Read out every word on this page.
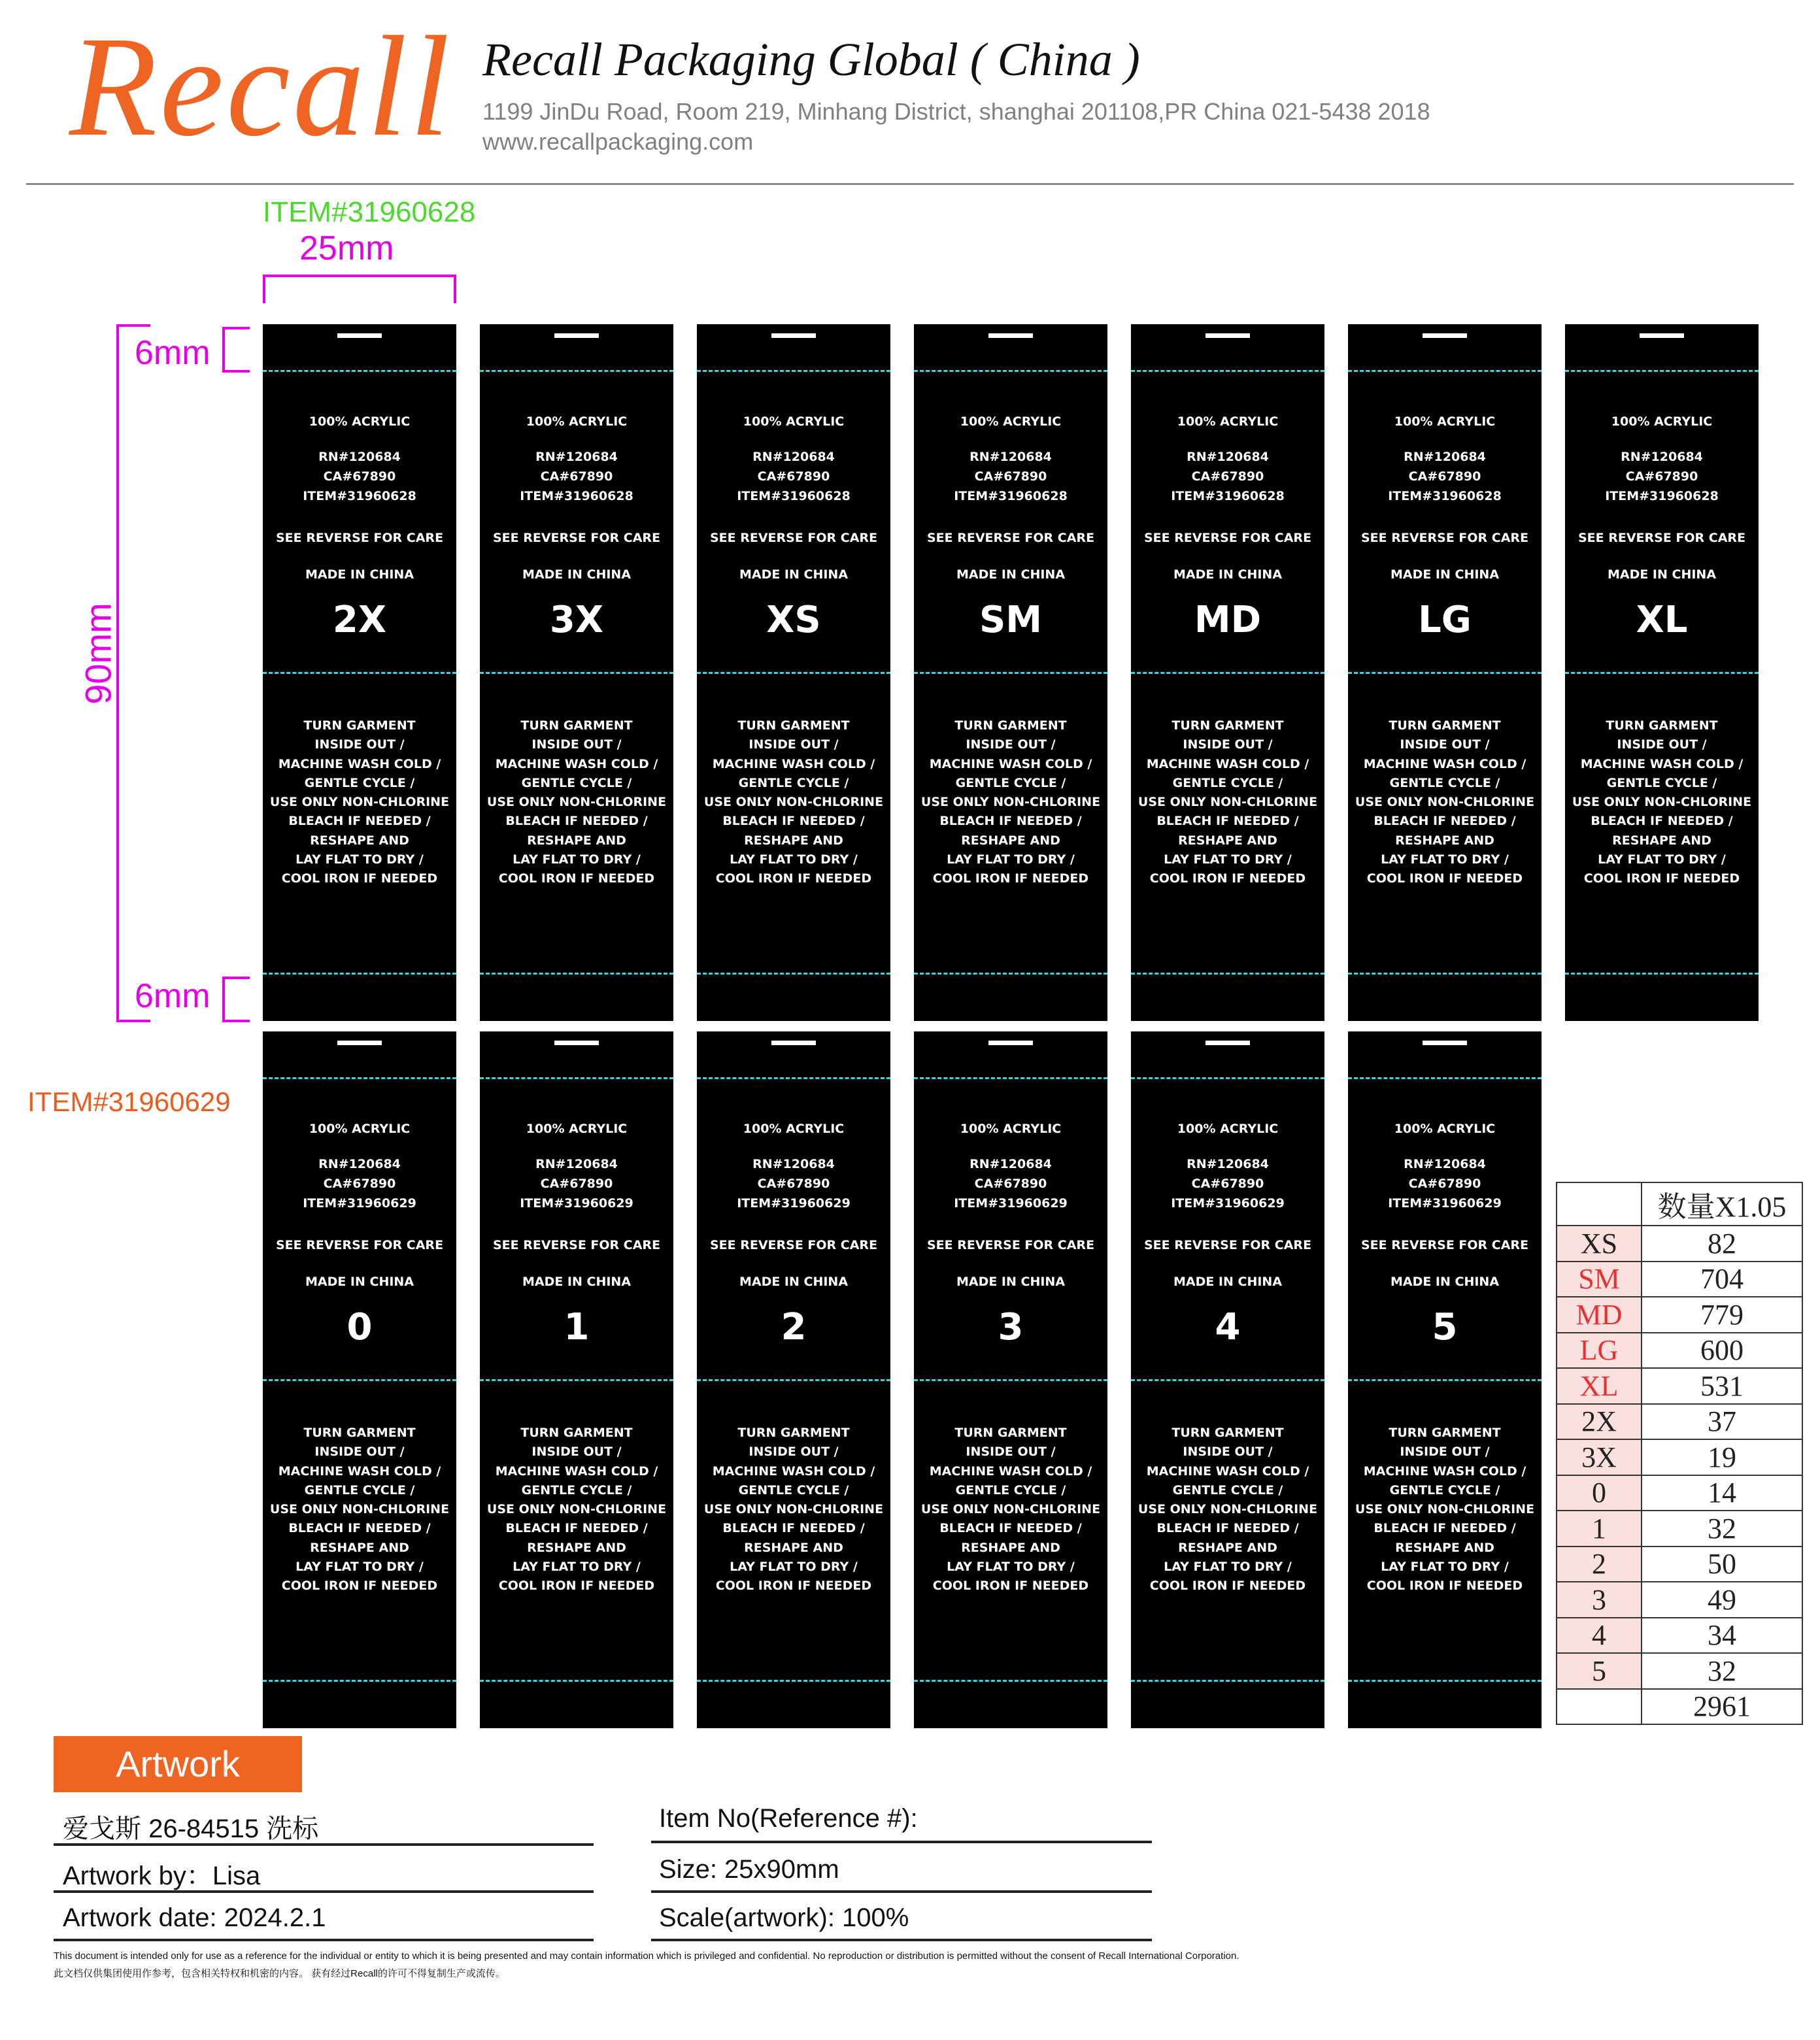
Recall Recall Packaging Global ( China )
1199 JinDu Road, Room 219, Minhang District, shanghai 201108,PR China 021-5438 2018
www.recallpackaging.com
ITEM#31960628
25mm
6mm
6mm
90mm
ITEM#31960629
100% ACRYLIC
RN#120684
CA#67890
ITEM#31960628
SEE REVERSE FOR CARE
MADE IN CHINA
2X
TURN GARMENT
INSIDE OUT /
MACHINE WASH COLD /
GENTLE CYCLE /
USE ONLY NON-CHLORINE
BLEACH IF NEEDED /
RESHAPE AND
LAY FLAT TO DRY /
COOL IRON IF NEEDED
100% ACRYLIC
RN#120684
CA#67890
ITEM#31960628
SEE REVERSE FOR CARE
MADE IN CHINA
3X
TURN GARMENT
INSIDE OUT /
MACHINE WASH COLD /
GENTLE CYCLE /
USE ONLY NON-CHLORINE
BLEACH IF NEEDED /
RESHAPE AND
LAY FLAT TO DRY /
COOL IRON IF NEEDED
100% ACRYLIC
RN#120684
CA#67890
ITEM#31960628
SEE REVERSE FOR CARE
MADE IN CHINA
XS
TURN GARMENT
INSIDE OUT /
MACHINE WASH COLD /
GENTLE CYCLE /
USE ONLY NON-CHLORINE
BLEACH IF NEEDED /
RESHAPE AND
LAY FLAT TO DRY /
COOL IRON IF NEEDED
100% ACRYLIC
RN#120684
CA#67890
ITEM#31960628
SEE REVERSE FOR CARE
MADE IN CHINA
SM
TURN GARMENT
INSIDE OUT /
MACHINE WASH COLD /
GENTLE CYCLE /
USE ONLY NON-CHLORINE
BLEACH IF NEEDED /
RESHAPE AND
LAY FLAT TO DRY /
COOL IRON IF NEEDED
100% ACRYLIC
RN#120684
CA#67890
ITEM#31960628
SEE REVERSE FOR CARE
MADE IN CHINA
MD
TURN GARMENT
INSIDE OUT /
MACHINE WASH COLD /
GENTLE CYCLE /
USE ONLY NON-CHLORINE
BLEACH IF NEEDED /
RESHAPE AND
LAY FLAT TO DRY /
COOL IRON IF NEEDED
100% ACRYLIC
RN#120684
CA#67890
ITEM#31960628
SEE REVERSE FOR CARE
MADE IN CHINA
LG
TURN GARMENT
INSIDE OUT /
MACHINE WASH COLD /
GENTLE CYCLE /
USE ONLY NON-CHLORINE
BLEACH IF NEEDED /
RESHAPE AND
LAY FLAT TO DRY /
COOL IRON IF NEEDED
100% ACRYLIC
RN#120684
CA#67890
ITEM#31960628
SEE REVERSE FOR CARE
MADE IN CHINA
XL
TURN GARMENT
INSIDE OUT /
MACHINE WASH COLD /
GENTLE CYCLE /
USE ONLY NON-CHLORINE
BLEACH IF NEEDED /
RESHAPE AND
LAY FLAT TO DRY /
COOL IRON IF NEEDED
100% ACRYLIC
RN#120684
CA#67890
ITEM#31960629
SEE REVERSE FOR CARE
MADE IN CHINA
0
TURN GARMENT
INSIDE OUT /
MACHINE WASH COLD /
GENTLE CYCLE /
USE ONLY NON-CHLORINE
BLEACH IF NEEDED /
RESHAPE AND
LAY FLAT TO DRY /
COOL IRON IF NEEDED
100% ACRYLIC
RN#120684
CA#67890
ITEM#31960629
SEE REVERSE FOR CARE
MADE IN CHINA
1
TURN GARMENT
INSIDE OUT /
MACHINE WASH COLD /
GENTLE CYCLE /
USE ONLY NON-CHLORINE
BLEACH IF NEEDED /
RESHAPE AND
LAY FLAT TO DRY /
COOL IRON IF NEEDED
100% ACRYLIC
RN#120684
CA#67890
ITEM#31960629
SEE REVERSE FOR CARE
MADE IN CHINA
2
TURN GARMENT
INSIDE OUT /
MACHINE WASH COLD /
GENTLE CYCLE /
USE ONLY NON-CHLORINE
BLEACH IF NEEDED /
RESHAPE AND
LAY FLAT TO DRY /
COOL IRON IF NEEDED
100% ACRYLIC
RN#120684
CA#67890
ITEM#31960629
SEE REVERSE FOR CARE
MADE IN CHINA
3
TURN GARMENT
INSIDE OUT /
MACHINE WASH COLD /
GENTLE CYCLE /
USE ONLY NON-CHLORINE
BLEACH IF NEEDED /
RESHAPE AND
LAY FLAT TO DRY /
COOL IRON IF NEEDED
100% ACRYLIC
RN#120684
CA#67890
ITEM#31960629
SEE REVERSE FOR CARE
MADE IN CHINA
4
TURN GARMENT
INSIDE OUT /
MACHINE WASH COLD /
GENTLE CYCLE /
USE ONLY NON-CHLORINE
BLEACH IF NEEDED /
RESHAPE AND
LAY FLAT TO DRY /
COOL IRON IF NEEDED
100% ACRYLIC
RN#120684
CA#67890
ITEM#31960629
SEE REVERSE FOR CARE
MADE IN CHINA
5
TURN GARMENT
INSIDE OUT /
MACHINE WASH COLD /
GENTLE CYCLE /
USE ONLY NON-CHLORINE
BLEACH IF NEEDED /
RESHAPE AND
LAY FLAT TO DRY /
COOL IRON IF NEEDED
	数量X1.05
XS	82
SM	704
MD	779
LG	600
XL	531
2X	37
3X	19
0	14
1	32
2	50
3	49
4	34
5	32
	2961
Artwork
爱戈斯 26-84515 洗标
Artwork by：Lisa
Artwork date: 2024.2.1
Item No(Reference #):
Size: 25x90mm
Scale(artwork): 100%
This document is intended only for use as a reference for the individual or entity to which it is being presented and may contain information which is privileged and confidential. No reproduction or distribution is permitted without the consent of Recall International Corporation.
此文档仅供集团使用作参考，包含相关特权和机密的内容。 获有经过Recall的许可不得复制生产或流传。
